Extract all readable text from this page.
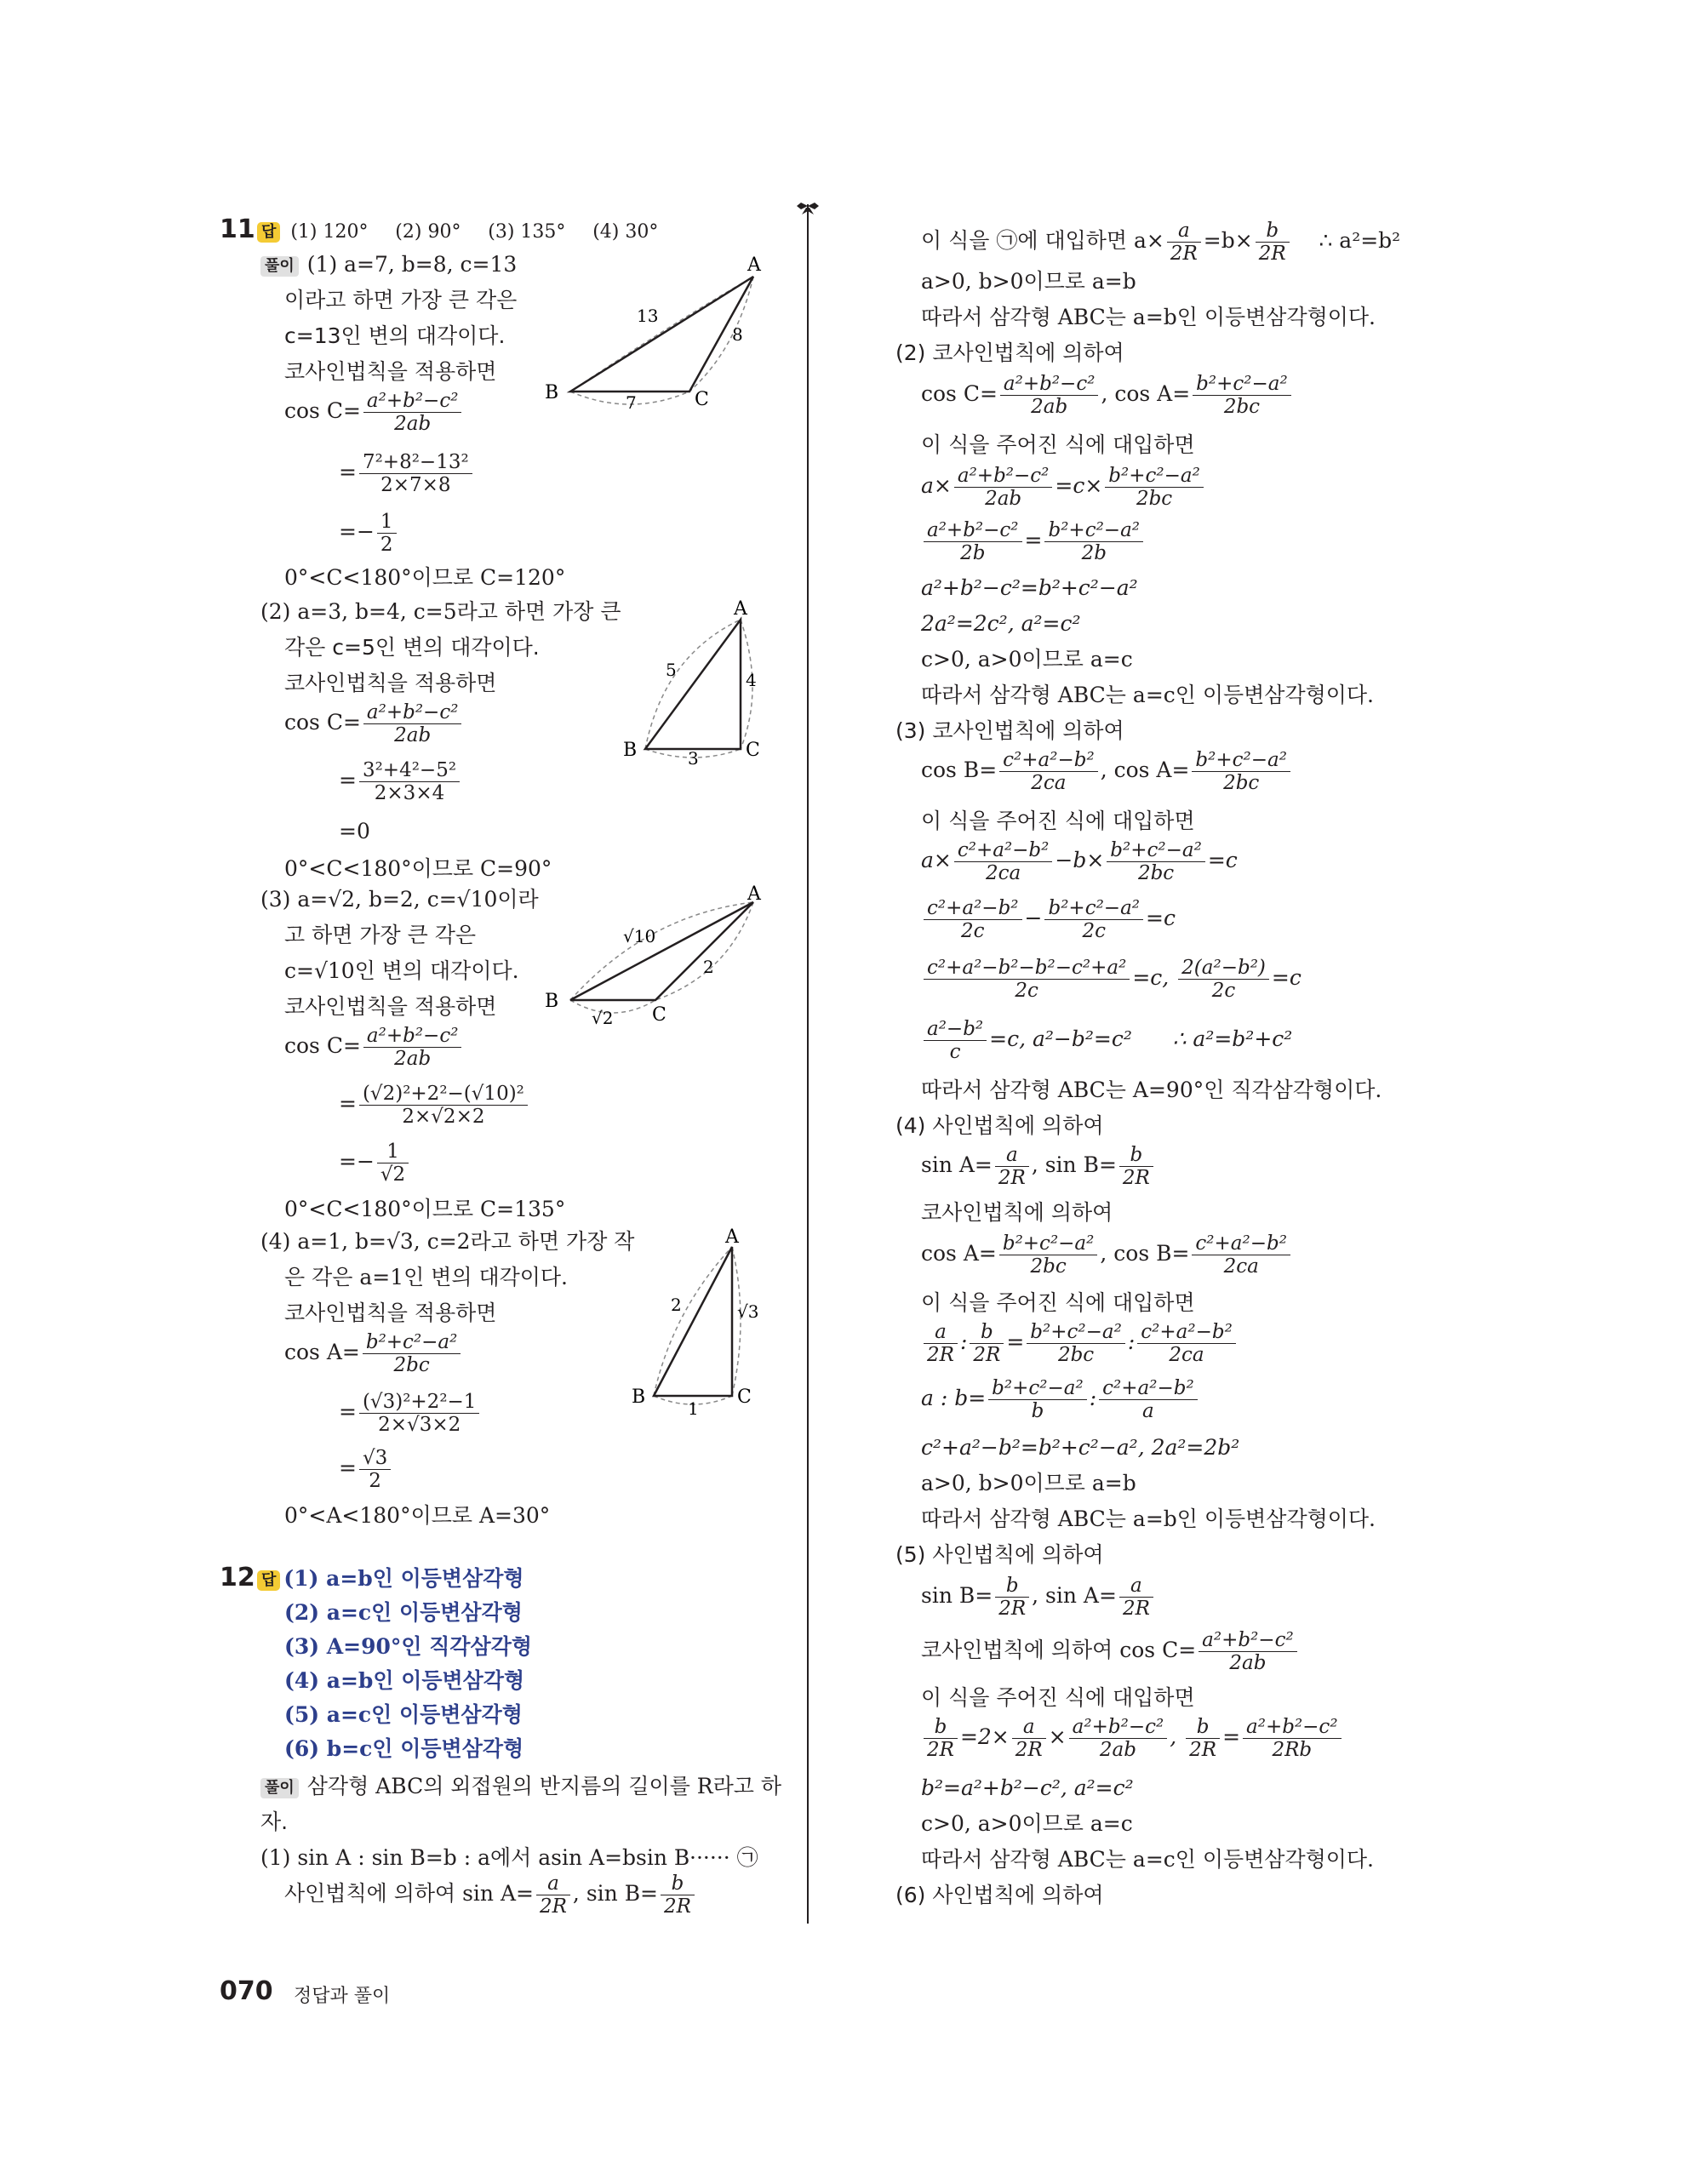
11 답 (1) 120° (2) 90° (3) 135° (4) 30°
풀이 (1) a=7, b=8, c=13
이라고 하면 가장 큰 각은
c=13인 변의 대각이다.
코사인법칙을 적용하면
$\cos C= \frac{\text{a²+b²−c²}}{2ab}$
= $\frac{\text{7²+8²−13²}}{2\times 7\times 8}$
=− $\frac{1}{2}$
0°<C<180°이므로 C=120°
A
B	C
13
8
7
(2) a=3, b=4, c=5라고 하면 가장 큰
각은 c=5인 변의 대각이다.
코사인법칙을 적용하면
$\cos C= \frac{\text{a²+b²−c²}}{2ab}$
= $\frac{\text{3²+4²−5²}}{2\times 3\times 4}$
=0
0°<C<180°이므로 C=90°
A
B	C
5	4
3
(3) a=√2, b=2, c=√10이라
고 하면 가장 큰 각은
c=√10인 변의 대각이다.
코사인법칙을 적용하면
$\cos C= \frac{\text{a²+b²−c²}}{2ab}$
= $\frac{\text{(√2)²+2²−(√10)²}}{2\times√2\times 2}$
=− $\frac{1}{√2}$
0°<C<180°이므로 C=135°
A
B
C
√10
2
√2
(4) a=1, b=√3, c=2라고 하면 가장 작
은 각은 a=1인 변의 대각이다.
코사인법칙을 적용하면
$\cos A= \frac{\text{b²+c²−a²}}{2bc}$
= $\frac{\text{(√3)²+2²−1}}{2\times√3\times 2}$
= $\frac{√3}{2}$
0°<A<180°이므로 A=30°
A
B	C
2	√3
1
12 답 (1) a=b인 이등변삼각형
(2) a=c인 이등변삼각형
(3) A=90°인 직각삼각형
(4) a=b인 이등변삼각형
(5) a=c인 이등변삼각형
(6) b=c인 이등변삼각형
풀이 삼각형 ABC의 외접원의 반지름의 길이를 R라고 하
자.
(1) sin A : sin B=b : a에서 asin A=bsin B ······ ㉠
사인법칙에 의하여 $\sin A= \frac{a}{2R}$ , $\sin B= \frac{b}{2R}$
이 식을 ㉠에 대입하면 $a\times \frac{a}{2R} =b\times \frac{b}{2R}$ ∴ a²=b²
a>0, b>0이므로 a=b
따라서 삼각형 ABC는 a=b인 이등변삼각형이다.
(2) 코사인법칙에 의하여
$\cos C= \frac{\text{a²+b²−c²}}{2ab}$ , $\cos A= \frac{\text{b²+c²−a²}}{2bc}$
이 식을 주어진 식에 대입하면
$a\times \frac{\text{a²+b²−c²}}{2ab} =c\times \frac{\text{b²+c²−a²}}{2bc}$
$\frac{\text{a²+b²−c²}}{2b} = \frac{\text{b²+c²−a²}}{2b}$
a²+b²−c²=b²+c²−a²
2a²=2c², a²=c²
c>0, a>0이므로 a=c
따라서 삼각형 ABC는 a=c인 이등변삼각형이다.
(3) 코사인법칙에 의하여
$\cos B= \frac{\text{c²+a²−b²}}{2ca}$ , $\cos A= \frac{\text{b²+c²−a²}}{2bc}$
이 식을 주어진 식에 대입하면
$a\times \frac{\text{c²+a²−b²}}{2ca} -b\times \frac{\text{b²+c²−a²}}{2bc} =c$
$\frac{\text{c²+a²−b²}}{2c} - \frac{\text{b²+c²−a²}}{2c} =c$
$\frac{\text{c²+a²−b²−b²−c²+a²}}{2c} =c$, $\frac{\text{2(a²−b²)}}{2c} =c$
$\frac{\text{a²−b²}}{c} =c$, a²−b²=c² ∴ a²=b²+c²
따라서 삼각형 ABC는 A=90°인 직각삼각형이다.
(4) 사인법칙에 의하여
$\sin A= \frac{a}{2R}$ , $\sin B= \frac{b}{2R}$
코사인법칙에 의하여
$\cos A= \frac{\text{b²+c²−a²}}{2bc}$ , $\cos B= \frac{\text{c²+a²−b²}}{2ca}$
이 식을 주어진 식에 대입하면
$\frac{a}{2R}$ : $\frac{b}{2R} = \frac{\text{b²+c²−a²}}{2bc}$ : $\frac{\text{c²+a²−b²}}{2ca}$
a : $b= \frac{\text{b²+c²−a²}}{b}$ : $\frac{\text{c²+a²−b²}}{a}$
c²+a²−b²=b²+c²−a², 2a²=2b²
a>0, b>0이므로 a=b
따라서 삼각형 ABC는 a=b인 이등변삼각형이다.
(5) 사인법칙에 의하여
$\sin B= \frac{b}{2R}$ , $\sin A= \frac{a}{2R}$
코사인법칙에 의하여 $\cos C= \frac{\text{a²+b²−c²}}{2ab}$
이 식을 주어진 식에 대입하면
$\frac{b}{2R} =2\times \frac{a}{2R} \times \frac{\text{a²+b²−c²}}{2ab}$ , $\frac{b}{2R} = \frac{\text{a²+b²−c²}}{2Rb}$
b²=a²+b²−c², a²=c²
c>0, a>0이므로 a=c
따라서 삼각형 ABC는 a=c인 이등변삼각형이다.
(6) 사인법칙에 의하여
070 정답과 풀이
